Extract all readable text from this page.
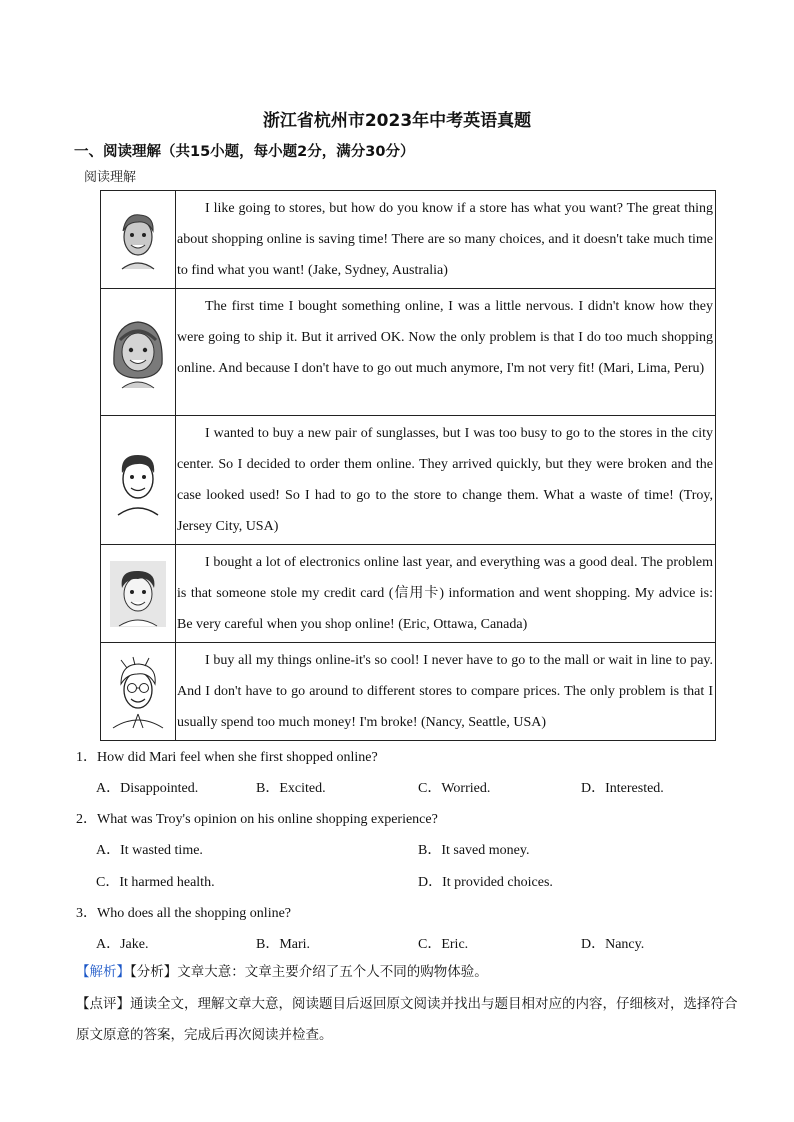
浙江省杭州市2023年中考英语真题
一、阅读理解（共15小题，每小题2分，满分30分）
阅读理解
	I like going to stores, but how do you know if a store has what you want? The great thing about shopping online is saving time! There are so many choices, and it doesn't take much time to find what you want! (Jake, Sydney, Australia)

	The first time I bought something online, I was a little nervous. I didn't know how they were going to ship it. But it arrived OK. Now the only problem is that I do too much shopping online. And because I don't have to go out much anymore, I'm not very fit! (Mari, Lima, Peru)

	I wanted to buy a new pair of sunglasses, but I was too busy to go to the stores in the city center. So I decided to order them online. They arrived quickly, but they were broken and the case looked used! So I had to go to the store to change them. What a waste of time! (Troy, Jersey City, USA)

	I bought a lot of electronics online last year, and everything was a good deal. The problem is that someone stole my credit card (信用卡) information and went shopping. My advice is: Be very careful when you shop online! (Eric, Ottawa, Canada)

	I buy all my things online-it's so cool! I never have to go to the mall or wait in line to pay. And I don't have to go around to different stores to compare prices. The only problem is that I usually spend too much money! I'm broke! (Nancy, Seattle, USA)
1．How did Mari feel when she first shopped online?
A．Disappointed.	B．Excited.	C．Worried.	D．Interested.
2．What was Troy's opinion on his online shopping experience?
A．It wasted time.	B．It saved money.
C．It harmed health.	D．It provided choices.
3．Who does all the shopping online?
A．Jake.	B．Mari.	C．Eric.	D．Nancy.
【解析】【分析】文章大意：文章主要介绍了五个人不同的购物体验。
【点评】通读全文，理解文章大意，阅读题目后返回原文阅读并找出与题目相对应的内容，仔细核对，选择符合原文原意的答案，完成后再次阅读并检查。
